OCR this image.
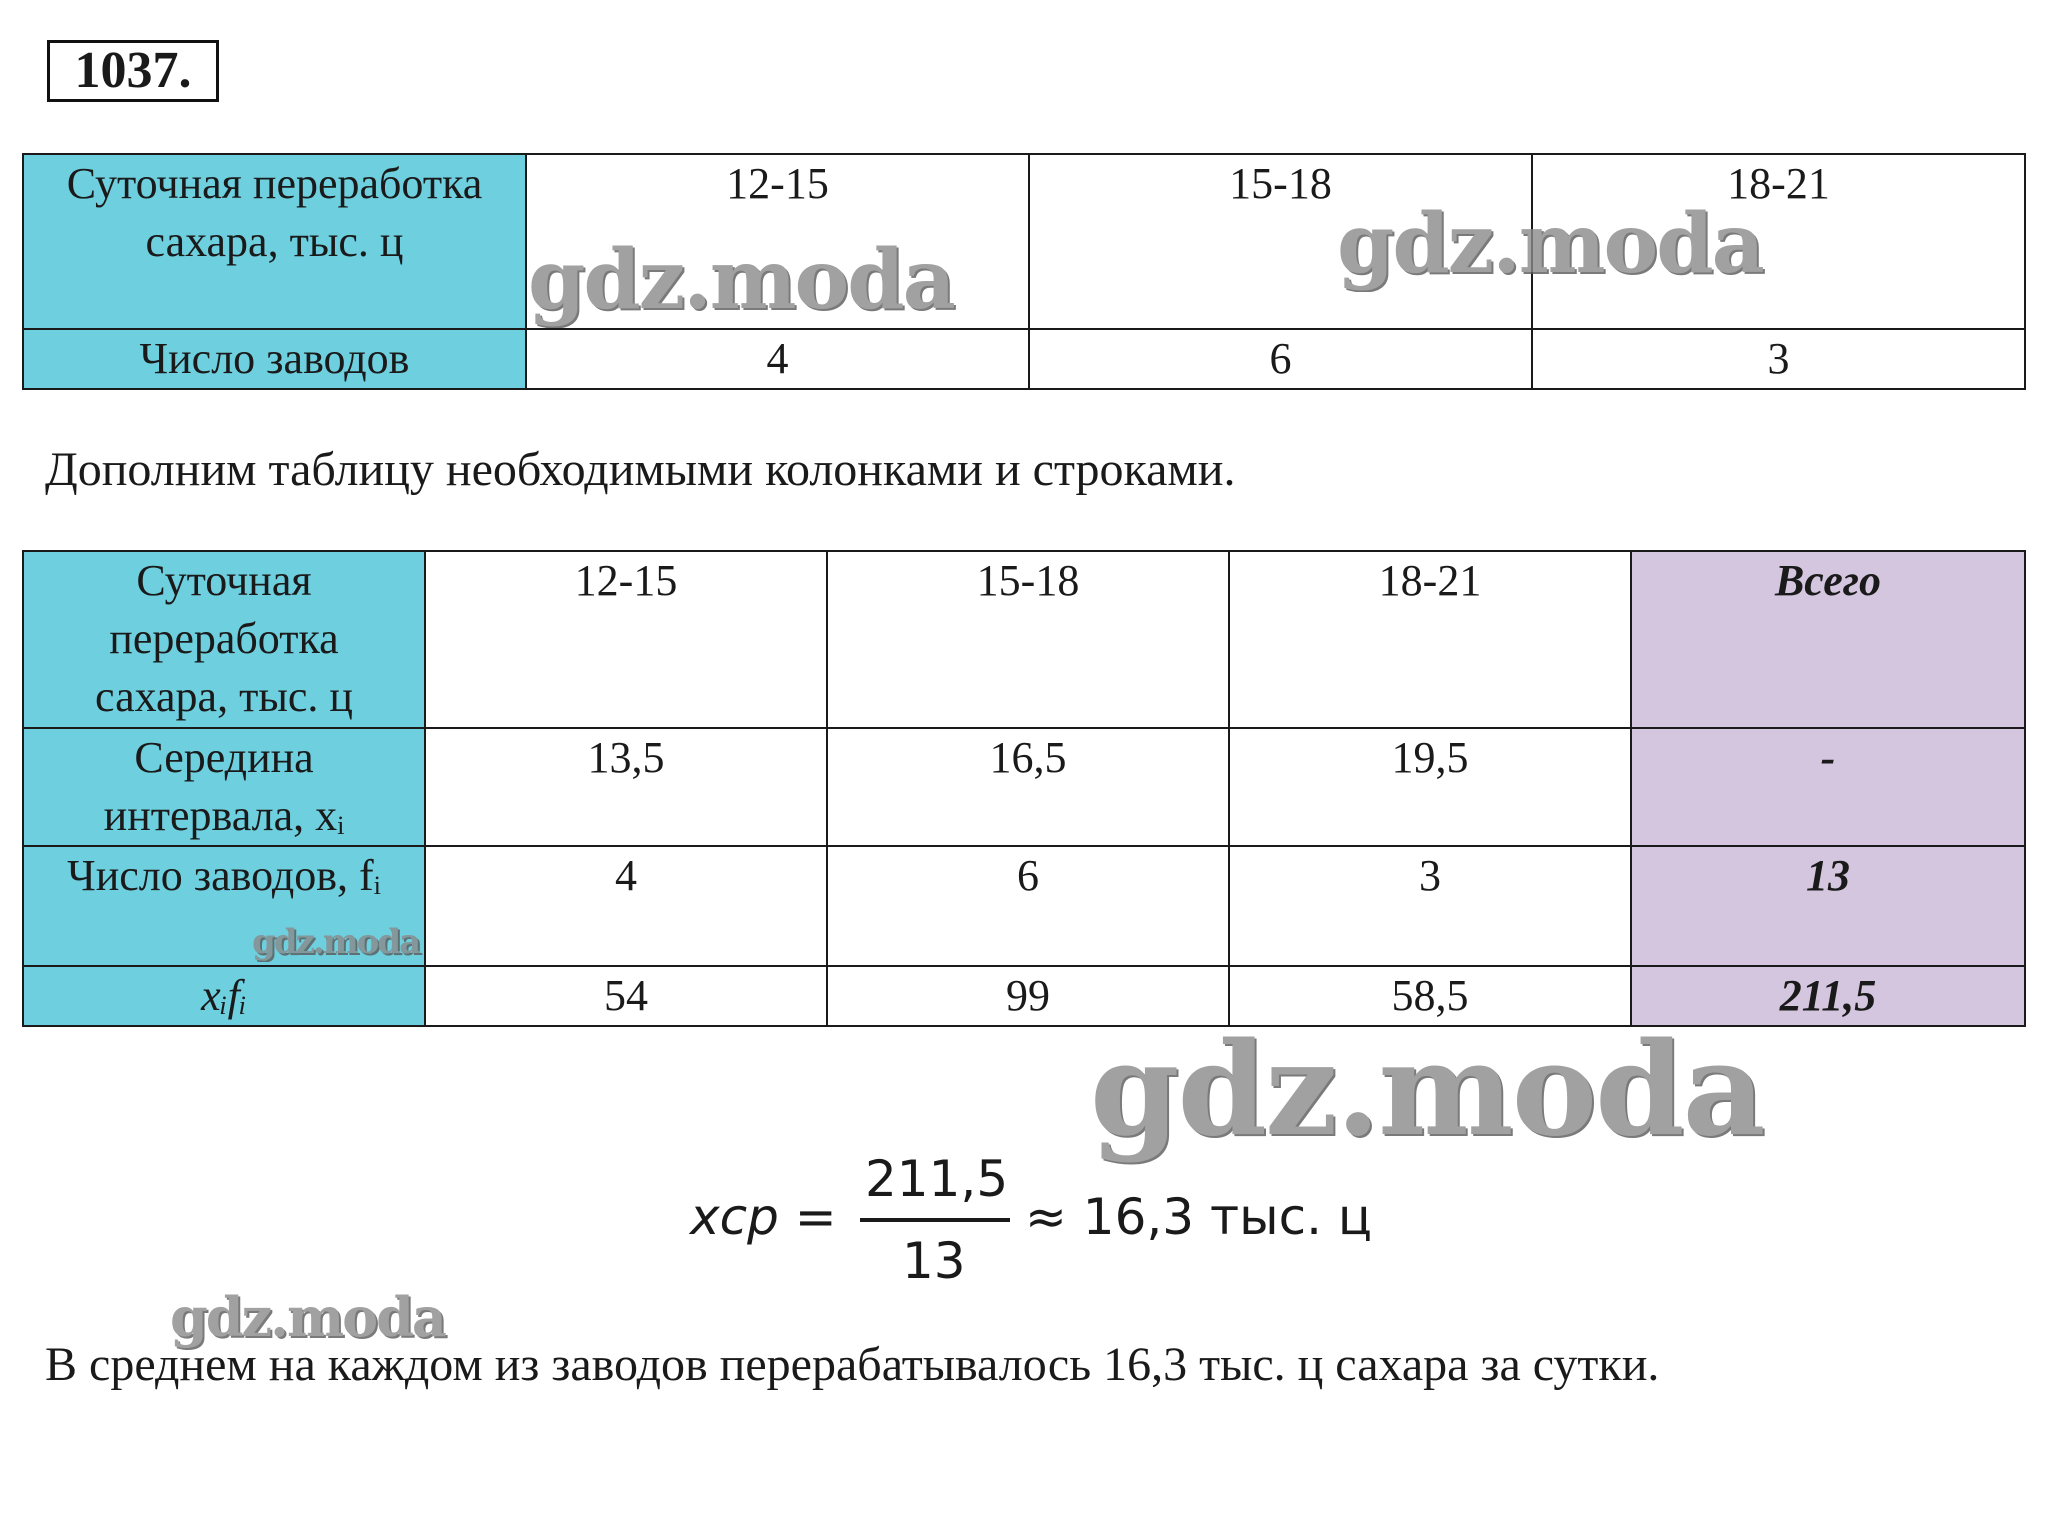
1037.
Суточная переработка сахара, тыс. ц	12-15	15-18	18-21
Число заводов	4	6	3

Дополним таблицу необходимыми колонками и строками.

Суточная переработка сахара, тыс. ц	12-15	15-18	18-21	Всего
Середина интервала, xᵢ	13,5	16,5	19,5	-
Число заводов, fᵢ	4	6	3	13
xᵢfᵢ	54	99	58,5	211,5
xср =
211,5
13
≈ 16,3 тыс. ц

В среднем на каждом из заводов перерабатывалось 16,3 тыс. ц сахара за сутки.

gdz.moda	gdz.moda
gdz.moda
gdz.moda
gdz.moda
